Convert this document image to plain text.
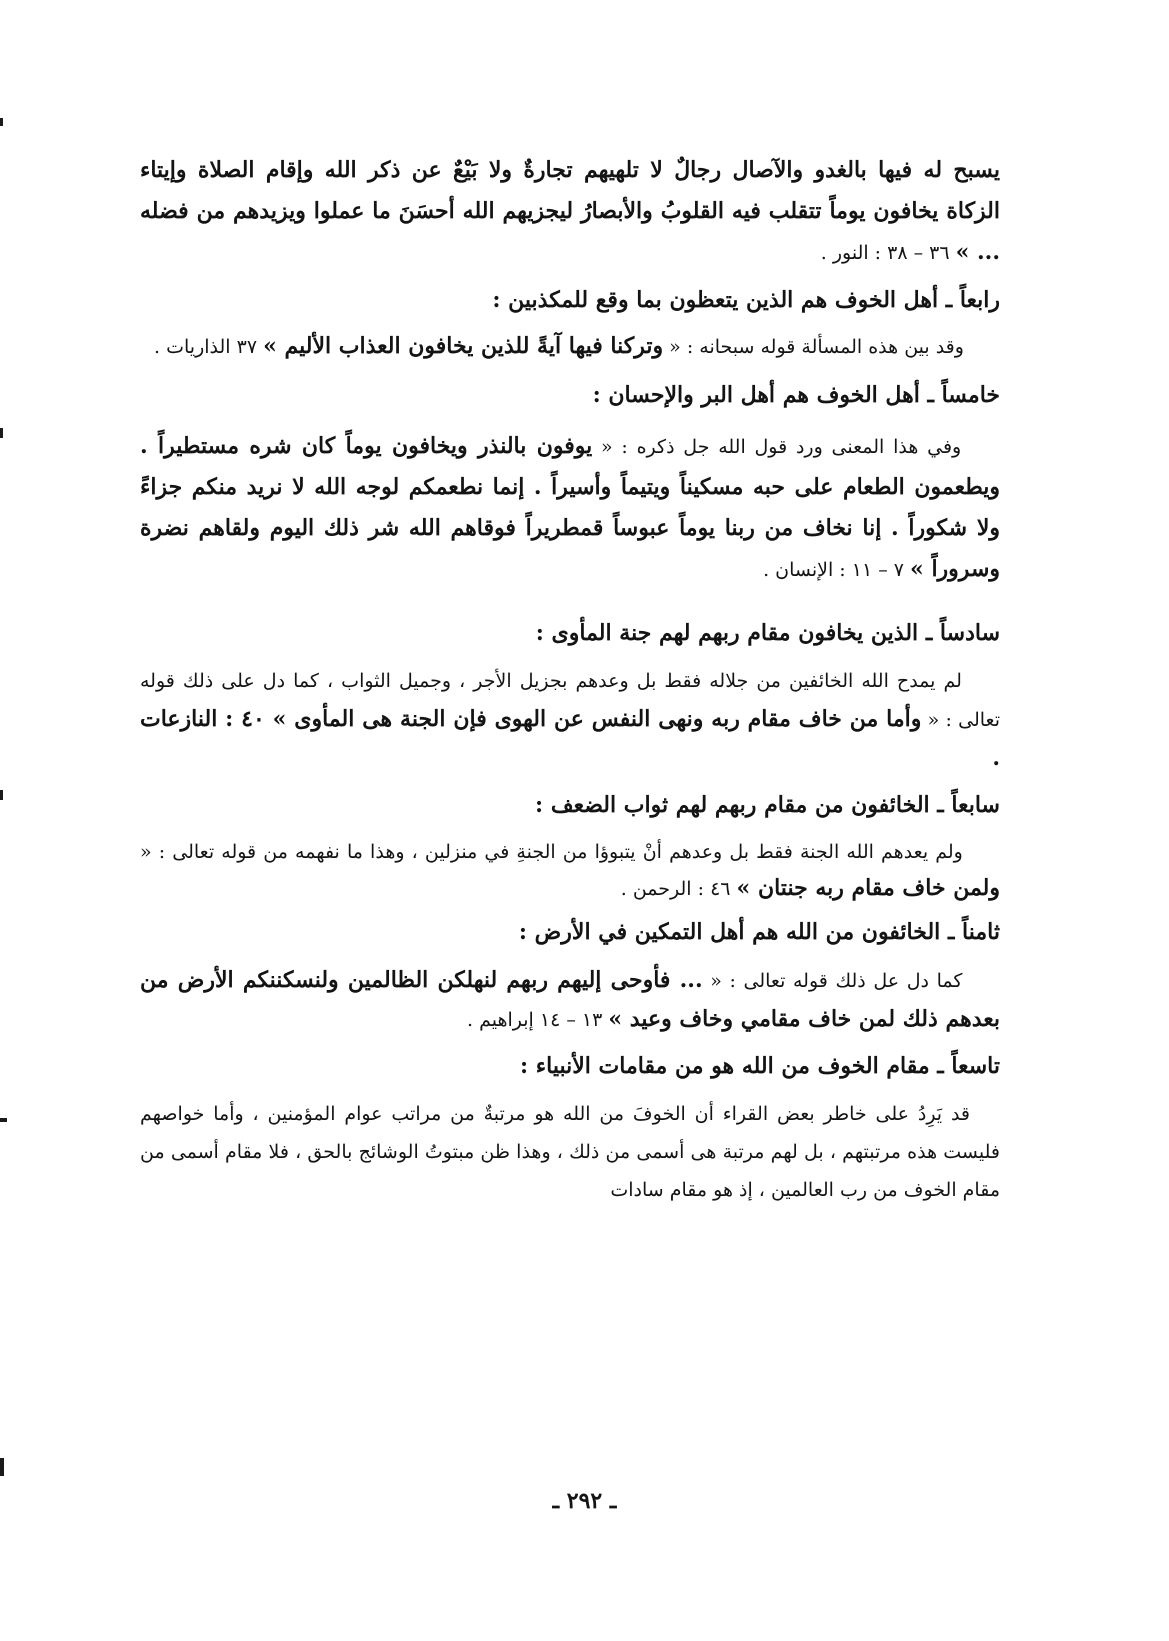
يسبح له فيها بالغدو والآصال رجالٌ لا تلهيهم تجارةٌ ولا بَيْعٌ عن ذكر الله وإقام الصلاة وإيتاء الزكاة يخافون يوماً تتقلب فيه القلوبُ والأبصارُ ليجزيهم الله أحسَنَ ما عملوا ويزيدهم من فضله ... » ٣٦ – ٣٨ : النور .

رابعاً ـ أهل الخوف هم الذين يتعظون بما وقع للمكذبين :

وقد بين هذه المسألة قوله سبحانه : « وتركنا فيها آيةً للذين يخافون العذاب الأليم » ٣٧ الذاريات .

خامساً ـ أهل الخوف هم أهل البر والإحسان :

وفي هذا المعنى ورد قول الله جل ذكره : « يوفون بالنذر ويخافون يوماً كان شره مستطيراً . ويطعمون الطعام على حبه مسكيناً ويتيماً وأسيراً . إنما نطعمكم لوجه الله لا نريد منكم جزاءً ولا شكوراً . إنا نخاف من ربنا يوماً عبوساً قمطريراً فوقاهم الله شر ذلك اليوم ولقاهم نضرة وسروراً » ٧ – ١١ : الإنسان .

سادساً ـ الذين يخافون مقام ربهم لهم جنة المأوى :

لم يمدح الله الخائفين من جلاله فقط بل وعدهم بجزيل الأجر ، وجميل الثواب ، كما دل على ذلك قوله تعالى : « وأما من خاف مقام ربه ونهى النفس عن الهوى فإن الجنة هى المأوى » ٤٠ : النازعات .

سابعاً ـ الخائفون من مقام ربهم لهم ثواب الضعف :

ولم يعدهم الله الجنة فقط بل وعدهم أنْ يتبوؤا من الجنةِ في منزلين ، وهذا ما نفهمه من قوله تعالى : « ولمن خاف مقام ربه جنتان » ٤٦ : الرحمن .

ثامناً ـ الخائفون من الله هم أهل التمكين في الأرض :

كما دل عل ذلك قوله تعالى : « ... فأوحى إليهم ربهم لنهلكن الظالمين ولنسكننكم الأرض من بعدهم ذلك لمن خاف مقامي وخاف وعيد » ١٣ – ١٤ إبراهيم .

تاسعاً ـ مقام الخوف من الله هو من مقامات الأنبياء :

قد يَرِدُ على خاطر بعض القراء أن الخوفَ من الله هو مرتبةٌ من مراتب عوام المؤمنين ، وأما خواصهم فليست هذه مرتبتهم ، بل لهم مرتبة هى أسمى من ذلك ، وهذا ظن مبتوتُ الوشائج بالحق ، فلا مقام أسمى من مقام الخوف من رب العالمين ، إذ هو مقام سادات

ـ ٢٩٢ ـ
